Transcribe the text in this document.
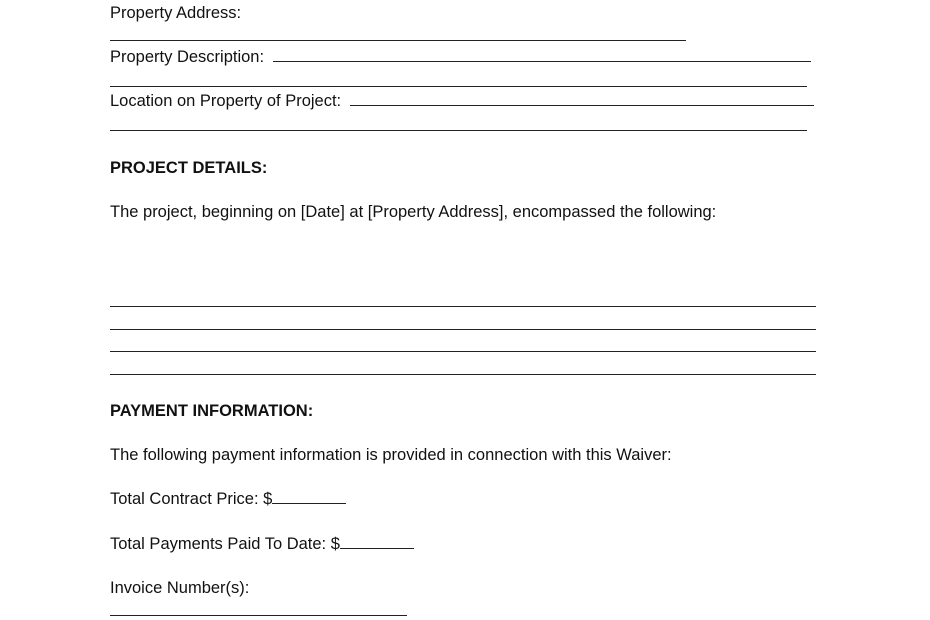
Property Address:
Property Description:
Location on Property of Project:
PROJECT DETAILS:
The project, beginning on [Date] at [Property Address], encompassed the following:
PAYMENT INFORMATION:
The following payment information is provided in connection with this Waiver:
Total Contract Price: $
Total Payments Paid To Date: $
Invoice Number(s):
